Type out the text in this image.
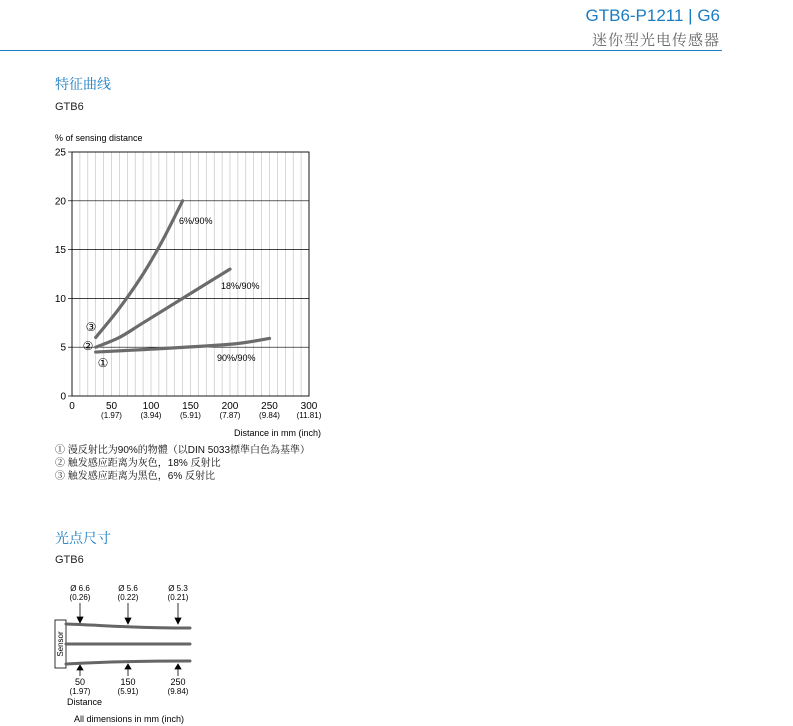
GTB6-P1211 | G6
迷你型光电传感器
特征曲线
GTB6
% of sensing distance
0
5
10
15
20
25
0	50
(1.97)
100
(3.94)
150
(5.91)
200
(7.87)
250
(9.84)
300
(11.81)
Distance in mm (inch)
6%/90%
18%/90%
90%/90%
③
②
①
① 漫反射比为90%的物體（以DIN 5033標準白色為基準）
② 触发感应距离为灰色，18% 反射比
③ 触发感应距离为黑色，6% 反射比
光点尺寸
GTB6
Ø 6.6
(0.26)
Ø 5.6
(0.22)
Ø 5.3
(0.21)
Sensor
50
(1.97)
150
(5.91)
250
(9.84)
Distance
All dimensions in mm (inch)
